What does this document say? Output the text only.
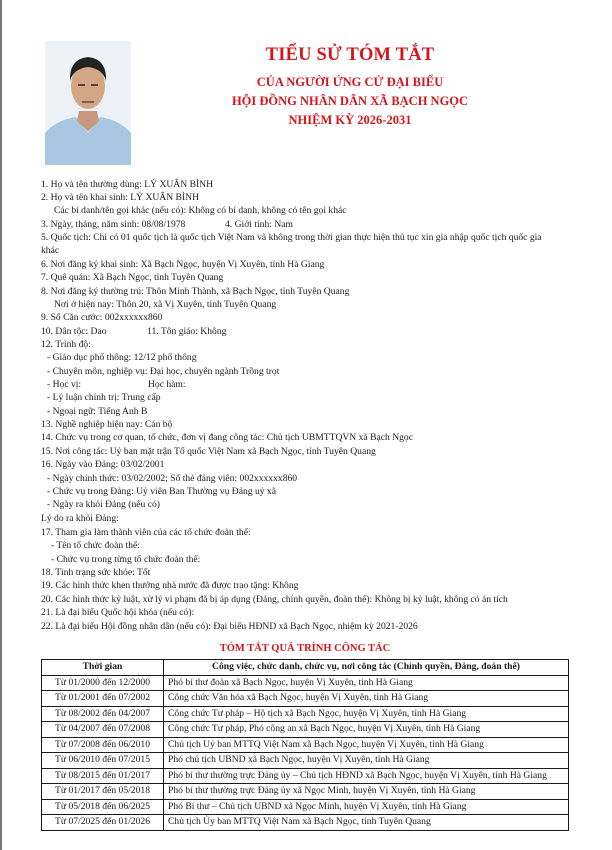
TIỂU SỬ TÓM TẮT
CỦA NGƯỜI ỨNG CỬ ĐẠI BIỂU
HỘI ĐỒNG NHÂN DÂN XÃ BẠCH NGỌC
NHIỆM KỲ 2026-2031
1. Họ và tên thường dùng: LÝ XUÂN BÌNH
2. Họ và tên khai sinh: LÝ XUÂN BÌNH
Các bí danh/tên gọi khác (nếu có): Không có bí danh, không có tên gọi khác
3. Ngày, tháng, năm sinh: 08/08/1978	4. Giới tính: Nam
5. Quốc tịch: Chỉ có 01 quốc tịch là quốc tịch Việt Nam và không trong thời gian thực hiện thủ tục xin gia nhập quốc tịch quốc gia
khác
6. Nơi đăng ký khai sinh: Xã Bạch Ngọc, huyện Vị Xuyên, tỉnh Hà Giang
7. Quê quán: Xã Bạch Ngọc, tỉnh Tuyên Quang
8. Nơi đăng ký thường trú: Thôn Minh Thành, xã Bạch Ngọc, tỉnh Tuyên Quang
Nơi ở hiện nay: Thôn 20, xã Vị Xuyên, tỉnh Tuyên Quang
9. Số Căn cước: 002xxxxxx860
10. Dân tộc: Dao	11. Tôn giáo: Không
12. Trình độ:
- Giáo dục phổ thông: 12/12 phổ thông
- Chuyên môn, nghiệp vụ: Đại học, chuyên ngành Trồng trọt
- Học vị:	Học hàm:
- Lý luận chính trị: Trung cấp
- Ngoại ngữ: Tiếng Anh B
13. Nghề nghiệp hiện nay: Cán bộ
14. Chức vụ trong cơ quan, tổ chức, đơn vị đang công tác: Chủ tịch UBMTTQVN xã Bạch Ngọc
15. Nơi công tác: Uỷ ban mặt trận Tổ quốc Việt Nam xã Bạch Ngọc, tỉnh Tuyên Quang
16. Ngày vào Đảng: 03/02/2001
- Ngày chính thức: 03/02/2002; Số thẻ đảng viên: 002xxxxxx860
- Chức vụ trong Đảng: Uỷ viên Ban Thường vụ Đảng uỷ xã
- Ngày ra khỏi Đảng (nếu có)
Lý do ra khỏi Đảng:
17. Tham gia làm thành viên của các tổ chức đoàn thể:
- Tên tổ chức đoàn thể:
- Chức vụ trong từng tổ chức đoàn thể:
18. Tình trạng sức khỏe: Tốt
19. Các hình thức khen thưởng nhà nước đã được trao tặng: Không
20. Các hình thức kỷ luật, xử lý vi phạm đã bị áp dụng (Đảng, chính quyền, đoàn thể): Không bị kỷ luật, không có án tích
21. Là đại biểu Quốc hội khóa (nếu có):
22. Là đại biểu Hội đồng nhân dân (nếu có): Đại biểu HĐND xã Bạch Ngọc, nhiệm kỳ 2021-2026
TÓM TẮT QUÁ TRÌNH CÔNG TÁC
Thời gian	Công việc, chức danh, chức vụ, nơi công tác (Chính quyền, Đảng, đoàn thể)
Từ 01/2000 đến 12/2000	Phó bí thư đoàn xã Bạch Ngọc, huyện Vị Xuyên, tỉnh Hà Giang
Từ 01/2001 đến 07/2002	Công chức Văn hóa xã Bạch Ngọc, huyện Vị Xuyên, tỉnh Hà Giang
Từ 08/2002 đến 04/2007	Công chức Tư pháp – Hộ tịch xã Bạch Ngọc, huyện Vị Xuyên, tỉnh Hà Giang
Từ 04/2007 đến 07/2008	Công chức Tư pháp, Phó công an xã Bạch Ngọc, huyện Vị Xuyên, tỉnh Hà Giang
Từ 07/2008 đến 06/2010	Chủ tịch Uỷ ban MTTQ Việt Nam xã Bạch Ngọc, huyện Vị Xuyên, tỉnh Hà Giang
Từ 06/2010 đến 07/2015	Phó chủ tịch UBND xã Bạch Ngọc, huyện Vị Xuyên, tỉnh Hà Giang
Từ 08/2015 đến 01/2017	Phó bí thư thường trực Đảng ủy – Chủ tịch HĐND xã Bạch Ngọc, huyện Vị Xuyên, tỉnh Hà Giang
Từ 01/2017 đến 05/2018	Phó bí thư thường trực Đảng ủy xã Ngọc Minh, huyện Vị Xuyên, tỉnh Hà Giang
Từ 05/2018 đến 06/2025	Phó Bí thư – Chủ tịch UBND xã Ngọc Minh, huyện Vị Xuyên, tỉnh Hà Giang
Từ 07/2025 đến 01/2026	Chủ tịch Ủy ban MTTQ Việt Nam xã Bạch Ngọc, tỉnh Tuyên Quang
